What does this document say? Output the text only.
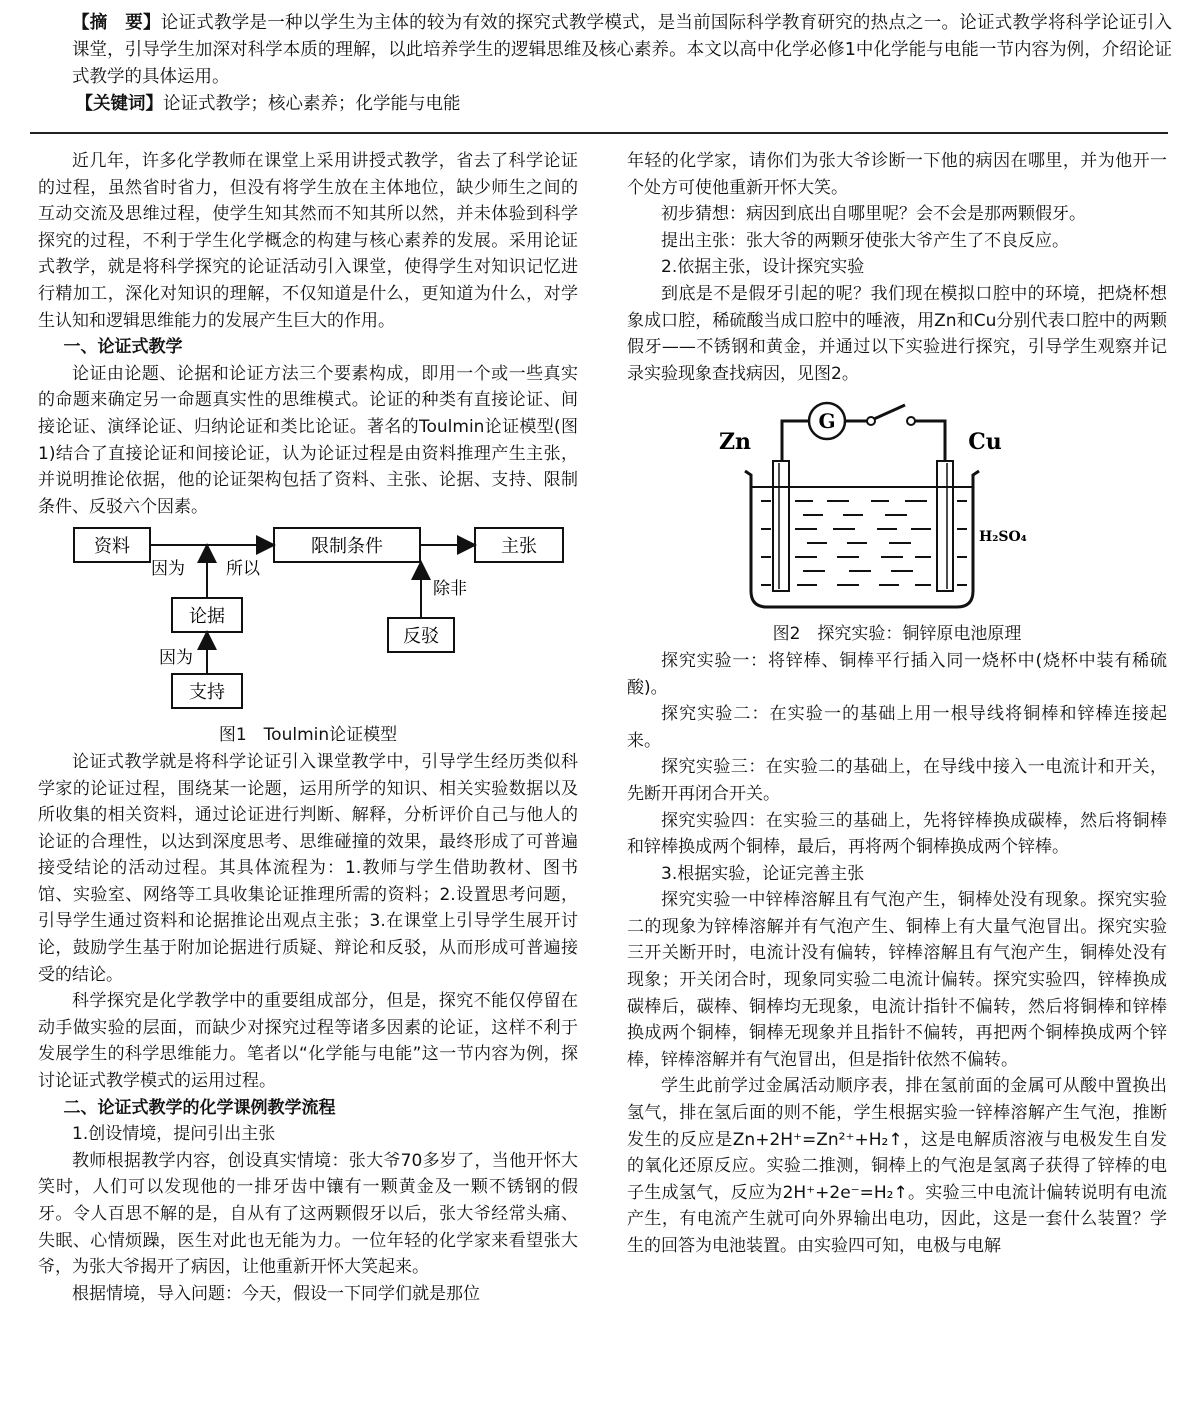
【摘　要】论证式教学是一种以学生为主体的较为有效的探究式教学模式，是当前国际科学教育研究的热点之一。论证式教学将科学论证引入课堂，引导学生加深对科学本质的理解，以此培养学生的逻辑思维及核心素养。本文以高中化学必修1中化学能与电能一节内容为例，介绍论证式教学的具体运用。

【关键词】论证式教学；核心素养；化学能与电能

近几年，许多化学教师在课堂上采用讲授式教学，省去了科学论证的过程，虽然省时省力，但没有将学生放在主体地位，缺少师生之间的互动交流及思维过程，使学生知其然而不知其所以然，并未体验到科学探究的过程，不利于学生化学概念的构建与核心素养的发展。采用论证式教学，就是将科学探究的论证活动引入课堂，使得学生对知识记忆进行精加工，深化对知识的理解，不仅知道是什么，更知道为什么，对学生认知和逻辑思维能力的发展产生巨大的作用。

一、论证式教学

论证由论题、论据和论证方法三个要素构成，即用一个或一些真实的命题来确定另一命题真实性的思维模式。论证的种类有直接论证、间接论证、演绎论证、归纳论证和类比论证。著名的Toulmin论证模型(图1)结合了直接论证和间接论证，认为论证过程是由资料推理产生主张，并说明推论依据，他的论证架构包括了资料、主张、论据、支持、限制条件、反驳六个因素。

资料	限制条件	主张
论据
反驳
支持
因为 所以
除非
因为

图1　Toulmin论证模型

论证式教学就是将科学论证引入课堂教学中，引导学生经历类似科学家的论证过程，围绕某一论题，运用所学的知识、相关实验数据以及所收集的相关资料，通过论证进行判断、解释，分析评价自己与他人的论证的合理性，以达到深度思考、思维碰撞的效果，最终形成了可普遍接受结论的活动过程。其具体流程为：1.教师与学生借助教材、图书馆、实验室、网络等工具收集论证推理所需的资料；2.设置思考问题，引导学生通过资料和论据推论出观点主张；3.在课堂上引导学生展开讨论，鼓励学生基于附加论据进行质疑、辩论和反驳，从而形成可普遍接受的结论。

科学探究是化学教学中的重要组成部分，但是，探究不能仅停留在动手做实验的层面，而缺少对探究过程等诸多因素的论证，这样不利于发展学生的科学思维能力。笔者以“化学能与电能”这一节内容为例，探讨论证式教学模式的运用过程。

二、论证式教学的化学课例教学流程

1.创设情境，提问引出主张

教师根据教学内容，创设真实情境：张大爷70多岁了，当他开怀大笑时，人们可以发现他的一排牙齿中镶有一颗黄金及一颗不锈钢的假牙。令人百思不解的是，自从有了这两颗假牙以后，张大爷经常头痛、失眠、心情烦躁，医生对此也无能为力。一位年轻的化学家来看望张大爷，为张大爷揭开了病因，让他重新开怀大笑起来。

根据情境，导入问题：今天，假设一下同学们就是那位

年轻的化学家，请你们为张大爷诊断一下他的病因在哪里，并为他开一个处方可使他重新开怀大笑。

初步猜想：病因到底出自哪里呢？会不会是那两颗假牙。

提出主张：张大爷的两颗牙使张大爷产生了不良反应。

2.依据主张，设计探究实验

到底是不是假牙引起的呢？我们现在模拟口腔中的环境，把烧杯想象成口腔，稀硫酸当成口腔中的唾液，用Zn和Cu分别代表口腔中的两颗假牙——不锈钢和黄金，并通过以下实验进行探究，引导学生观察并记录实验现象查找病因，见图2。

G
Zn	Cu
H₂SO₄

图2　探究实验：铜锌原电池原理

探究实验一：将锌棒、铜棒平行插入同一烧杯中(烧杯中装有稀硫酸)。

探究实验二：在实验一的基础上用一根导线将铜棒和锌棒连接起来。

探究实验三：在实验二的基础上，在导线中接入一电流计和开关，先断开再闭合开关。

探究实验四：在实验三的基础上，先将锌棒换成碳棒，然后将铜棒和锌棒换成两个铜棒，最后，再将两个铜棒换成两个锌棒。

3.根据实验，论证完善主张

探究实验一中锌棒溶解且有气泡产生，铜棒处没有现象。探究实验二的现象为锌棒溶解并有气泡产生、铜棒上有大量气泡冒出。探究实验三开关断开时，电流计没有偏转，锌棒溶解且有气泡产生，铜棒处没有现象；开关闭合时，现象同实验二电流计偏转。探究实验四，锌棒换成碳棒后，碳棒、铜棒均无现象，电流计指针不偏转，然后将铜棒和锌棒换成两个铜棒，铜棒无现象并且指针不偏转，再把两个铜棒换成两个锌棒，锌棒溶解并有气泡冒出，但是指针依然不偏转。

学生此前学过金属活动顺序表，排在氢前面的金属可从酸中置换出氢气，排在氢后面的则不能，学生根据实验一锌棒溶解产生气泡，推断发生的反应是Zn+2H⁺=Zn²⁺+H₂↑，这是电解质溶液与电极发生自发的氧化还原反应。实验二推测，铜棒上的气泡是氢离子获得了锌棒的电子生成氢气，反应为2H⁺+2e⁻=H₂↑。实验三中电流计偏转说明有电流产生，有电流产生就可向外界输出电功，因此，这是一套什么装置？学生的回答为电池装置。由实验四可知，电极与电解
